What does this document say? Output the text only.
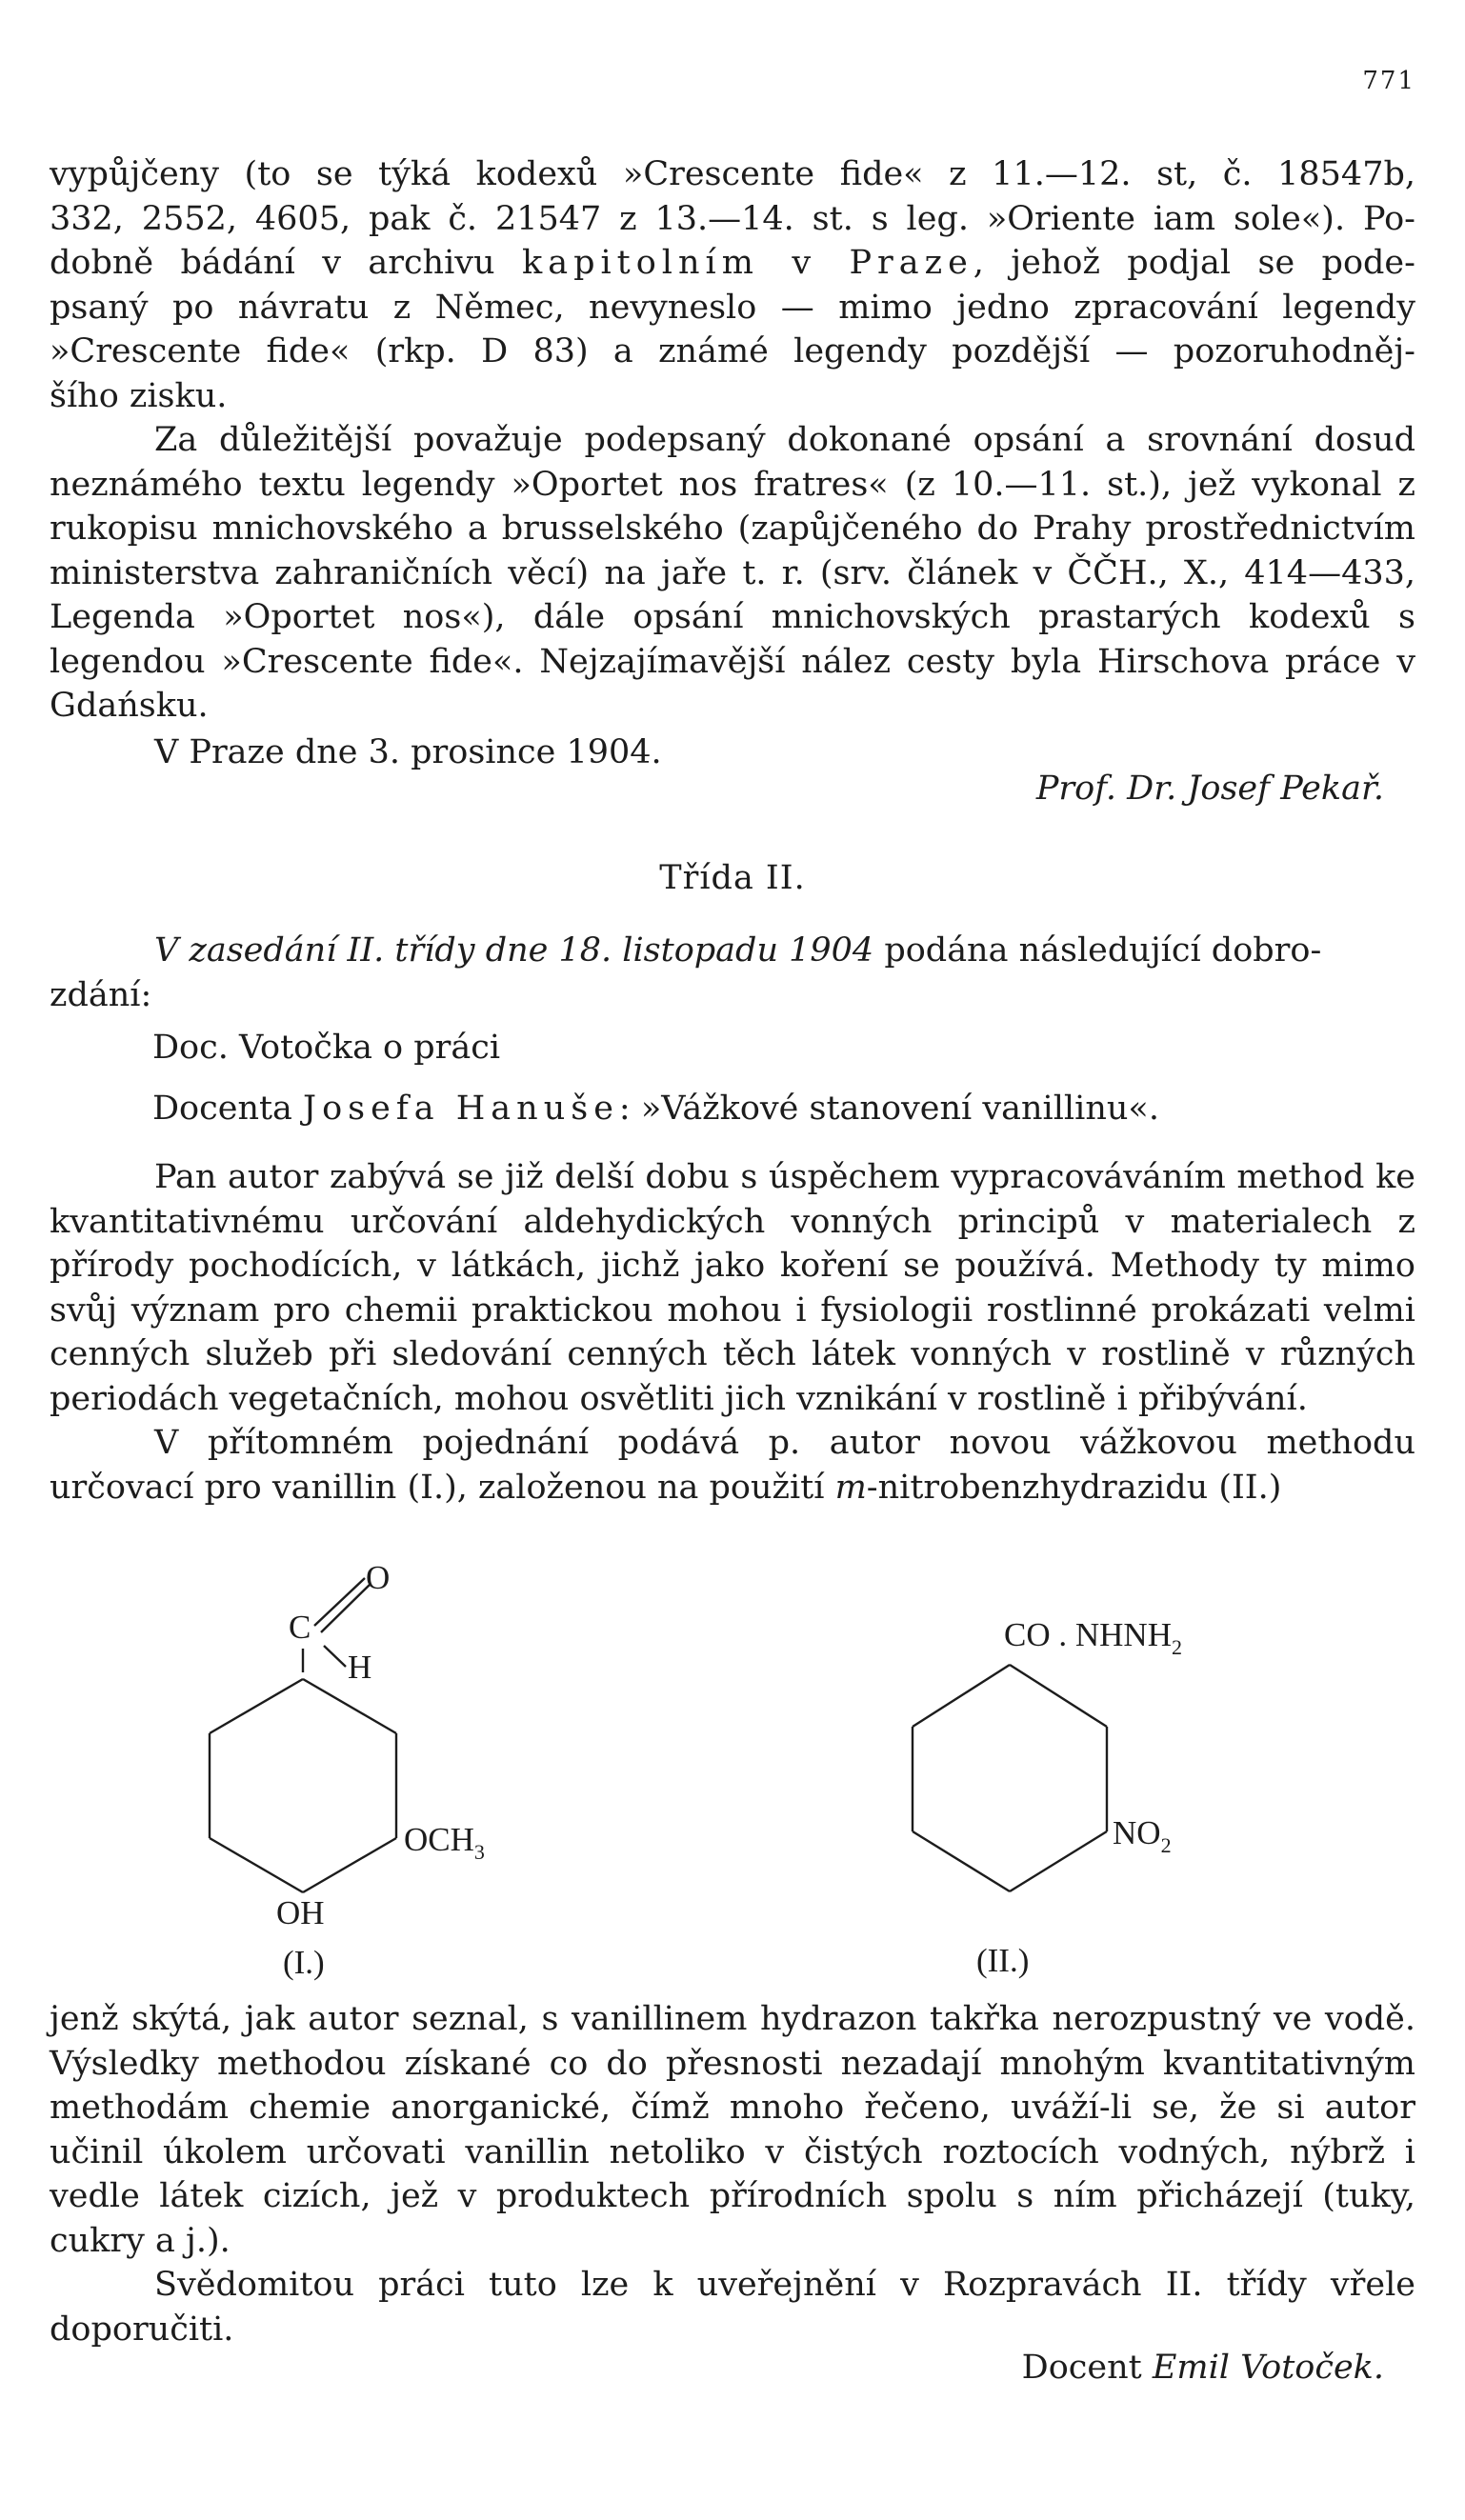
771

vypůjčeny (to se týká kodexů »Crescente fide« z 11.—12. st, č. 18547b,

332, 2552, 4605, pak č. 21547 z 13.—14. st. s leg. »Oriente iam sole«). Po-

dobně bádání v archivu kapitolním v Praze, jehož podjal se pode-

psaný po návratu z Němec, nevyneslo — mimo jedno zpracování legendy

»Crescente fide« (rkp. D 83) a známé legendy pozdější — pozoruhodněj-

šího zisku.

Za důležitější považuje podepsaný dokonané opsání a srovnání dosud neznámého textu legendy »Oportet nos fratres« (z 10.—11. st.), jež vykonal z rukopisu mnichovského a brusselského (zapůjčeného do Prahy prostřednictvím ministerstva zahraničních věcí) na jaře t. r. (srv. článek v ČČH., X., 414—433, Legenda »Oportet nos«), dále opsání mnichovských prastarých kodexů s legendou »Crescente fide«. Nejzajímavější nález cesty byla Hirschova práce v Gdańsku.

V Praze dne 3. prosince 1904.

Prof. Dr. Josef Pekař.
Třída II.

V zasedání II. třídy dne 18. listopadu 1904 podána následující dobro-

zdání:

Doc. Votočka o práci
Docenta Josefa Hanuše: »Vážkové stanovení vanillinu«.

Pan autor zabývá se již delší dobu s úspěchem vypracováváním method ke kvantitativnému určování aldehydických vonných principů v materialech z přírody pochodících, v látkách, jichž jako koření se používá. Methody ty mimo svůj význam pro chemii praktickou mohou i fysiologii rostlinné prokázati velmi cenných služeb při sledování cenných těch látek vonných v rostlině v různých periodách vegetačních, mohou osvětliti jich vznikání v rostlině i přibývání.

V přítomném pojednání podává p. autor novou vážkovou methodu určovací pro vanillin (I.), založenou na použití m-nitrobenzhydrazidu (II.)

C
O
H
$OCH_3$
OH
(I.)
CO . $NHNH_2$
$NO_2$
(II.)

jenž skýtá, jak autor seznal, s vanillinem hydrazon takřka nerozpustný ve vodě. Výsledky methodou získané co do přesnosti nezadají mnohým kvantitativným methodám chemie anorganické, čímž mnoho řečeno, uváží-li se, že si autor učinil úkolem určovati vanillin netoliko v čistých roztocích vodných, nýbrž i vedle látek cizích, jež v produktech přírodních spolu s ním přicházejí (tuky, cukry a j.).

Svědomitou práci tuto lze k uveřejnění v Rozpravách II. třídy vřele doporučiti.

Docent Emil Votoček.
